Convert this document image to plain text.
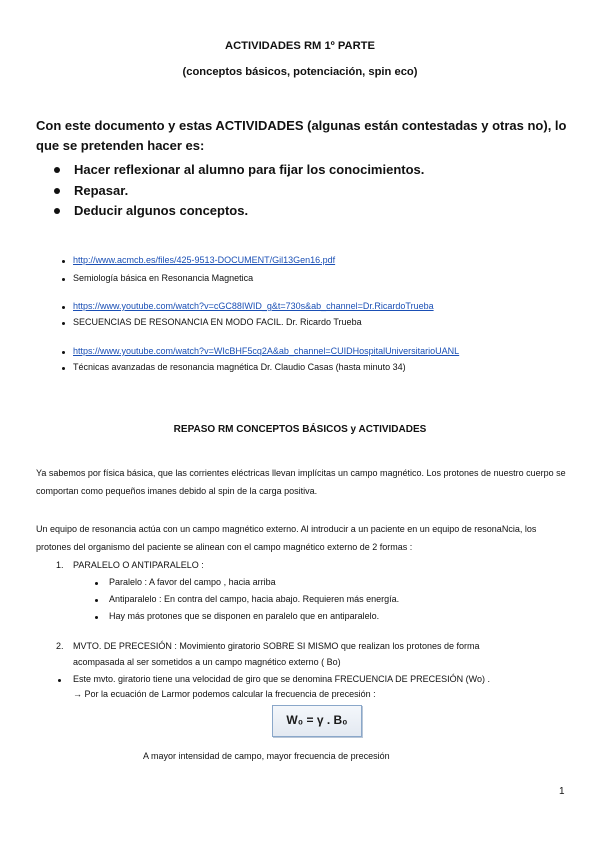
ACTIVIDADES RM 1º PARTE
(conceptos básicos, potenciación, spin eco)
Con este documento y estas ACTIVIDADES (algunas están contestadas y otras no), lo que se pretenden hacer es:
Hacer reflexionar al alumno para fijar los conocimientos.
Repasar.
Deducir algunos conceptos.
http://www.acmcb.es/files/425-9513-DOCUMENT/Gil13Gen16.pdf
Semiología básica en Resonancia Magnetica
https://www.youtube.com/watch?v=cGC88IWID_g&t=730s&ab_channel=Dr.RicardoTrueba
SECUENCIAS DE RESONANCIA EN MODO FACIL. Dr. Ricardo Trueba
https://www.youtube.com/watch?v=WIcBHF5cq2A&ab_channel=CUIDHospitalUniversitarioUANL
Técnicas avanzadas de resonancia magnética Dr. Claudio Casas (hasta minuto 34)
REPASO RM CONCEPTOS BÁSICOS y ACTIVIDADES
Ya sabemos por física básica, que las corrientes eléctricas llevan implícitas un campo magnético. Los protones de nuestro cuerpo se comportan como pequeños imanes debido al spin de la carga positiva.
Un equipo de resonancia actúa con un campo magnético externo. Al introducir a un paciente en un equipo de resonaNcia, los protones del organismo del paciente se alinean con el campo magnético externo de 2 formas :
1. PARALELO O ANTIPARALELO :
Paralelo : A favor del campo , hacia arriba
Antiparalelo : En contra del campo, hacia abajo. Requieren más energía.
Hay más protones que se disponen en paralelo que en antiparalelo.
2. MVTO. DE PRECESIÓN : Movimiento giratorio SOBRE SI MISMO que realizan los protones de forma
acompasada al ser sometidos a un campo magnético externo ( Bo)
Este mvto. giratorio tiene una velocidad de giro que se denomina FRECUENCIA DE PRECESIÓN (Wo) .
→ Por la ecuación de Larmor podemos calcular la frecuencia de precesión :
W₀ = γ . B₀
A mayor intensidad de campo, mayor frecuencia de precesión
1
